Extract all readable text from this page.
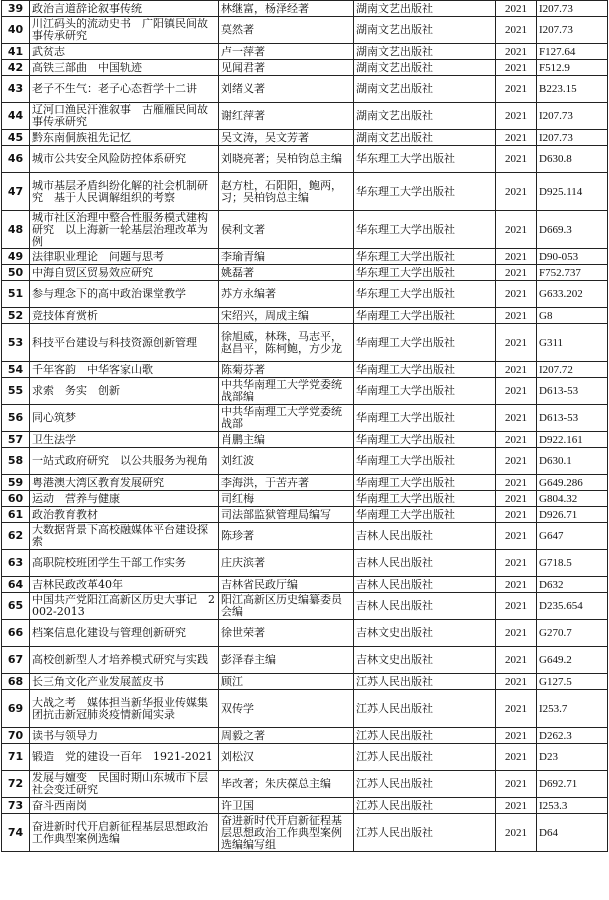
39	政治言道辞论叙事传统	林继富，杨泽经著	湖南文艺出版社	2021	I207.73

40	川江码头的流动史书　广阳镇民间故事传承研究	莫然著	湖南文艺出版社	2021	I207.73

41	武贫志	卢一萍著	湖南文艺出版社	2021	F127.64

42	高铁三部曲　中国轨迹	见闻君著	湖南文艺出版社	2021	F512.9

43	老子不生气：老子心态哲学十二讲	刘绪义著	湖南文艺出版社	2021	B223.15

44	辽河口渔民汗淮叙事　古雁雁民间故事传承研究	谢红萍著	湖南文艺出版社	2021	I207.73

45	黔东南侗族祖先记忆	吴文涛，吴文芳著	湖南文艺出版社	2021	I207.73

46	城市公共安全风险防控体系研究	刘晓亮著；吴柏钧总主编	华东理工大学出版社	2021	D630.8

47	城市基层矛盾纠纷化解的社会机制研究　基于人民调解组织的考察	赵方杜，石阳阳，鲍两，习；吴柏钧总主编	华东理工大学出版社	2021	D925.114

48	城市社区治理中整合性服务模式建构研究　以上海新一轮基层治理改革为例	侯利文著	华东理工大学出版社	2021	D669.3

49	法律职业理论　问题与思考	李瑜青编	华东理工大学出版社	2021	D90-053

50	中海自贸区贸易效应研究	姚磊著	华东理工大学出版社	2021	F752.737

51	参与理念下的高中政治课堂教学	苏方永编著	华东理工大学出版社	2021	G633.202

52	竞技体育赏析	宋绍兴，周成主编	华南理工大学出版社	2021	G8

53	科技平台建设与科技资源创新管理	徐旭威，林珠，马志平，赵昌平，陈柯鲍，方少龙	华南理工大学出版社	2021	G311

54	千年客韵　中华客家山歌	陈菊芬著	华南理工大学出版社	2021	I207.72

55	求索　务实　创新	中共华南理工大学党委统战部编	华南理工大学出版社	2021	D613-53

56	同心筑梦	中共华南理工大学党委统战部	华南理工大学出版社	2021	D613-53

57	卫生法学	肖鹏主编	华南理工大学出版社	2021	D922.161

58	一站式政府研究　以公共服务为视角	刘红波	华南理工大学出版社	2021	D630.1

59	粤港澳大湾区教育发展研究	李海洪，于苦卉著	华南理工大学出版社	2021	G649.286

60	运动　营养与健康	司红梅	华南理工大学出版社	2021	G804.32

61	政治教育教材	司法部监狱管理局编写	华南理工大学出版社	2021	D926.71

62	大数据背景下高校融媒体平台建设探索	陈珍著	吉林人民出版社	2021	G647

63	高职院校班团学生干部工作实务	庄庆滨著	吉林人民出版社	2021	G718.5

64	吉林民政改革40年	吉林省民政厅编	吉林人民出版社	2021	D632

65	中国共产党阳江高新区历史大事记　2002-2013	阳江高新区历史编纂委员会编	吉林人民出版社	2021	D235.654

66	档案信息化建设与管理创新研究	徐世荣著	吉林文史出版社	2021	G270.7

67	高校创新型人才培养模式研究与实践	彭泽春主编	吉林文史出版社	2021	G649.2

68	长三角文化产业发展蓝皮书	顾江	江苏人民出版社	2021	G127.5

69	大战之考　媒体担当新华报业传媒集团抗击新冠肺炎疫情新闻实录	双传学	江苏人民出版社	2021	I253.7

70	读书与领导力	周毅之著	江苏人民出版社	2021	D262.3

71	锻造　党的建设一百年　1921-2021	刘松汉	江苏人民出版社	2021	D23

72	发展与嬗变　民国时期山东城市下层社会变迁研究	毕改著；朱庆葆总主编	江苏人民出版社	2021	D692.71

73	奋斗西南岗	许卫国	江苏人民出版社	2021	I253.3

74	奋进新时代开启新征程基层思想政治工作典型案例选编	奋进新时代开启新征程基层思想政治工作典型案例选编编写组	江苏人民出版社	2021	D64
